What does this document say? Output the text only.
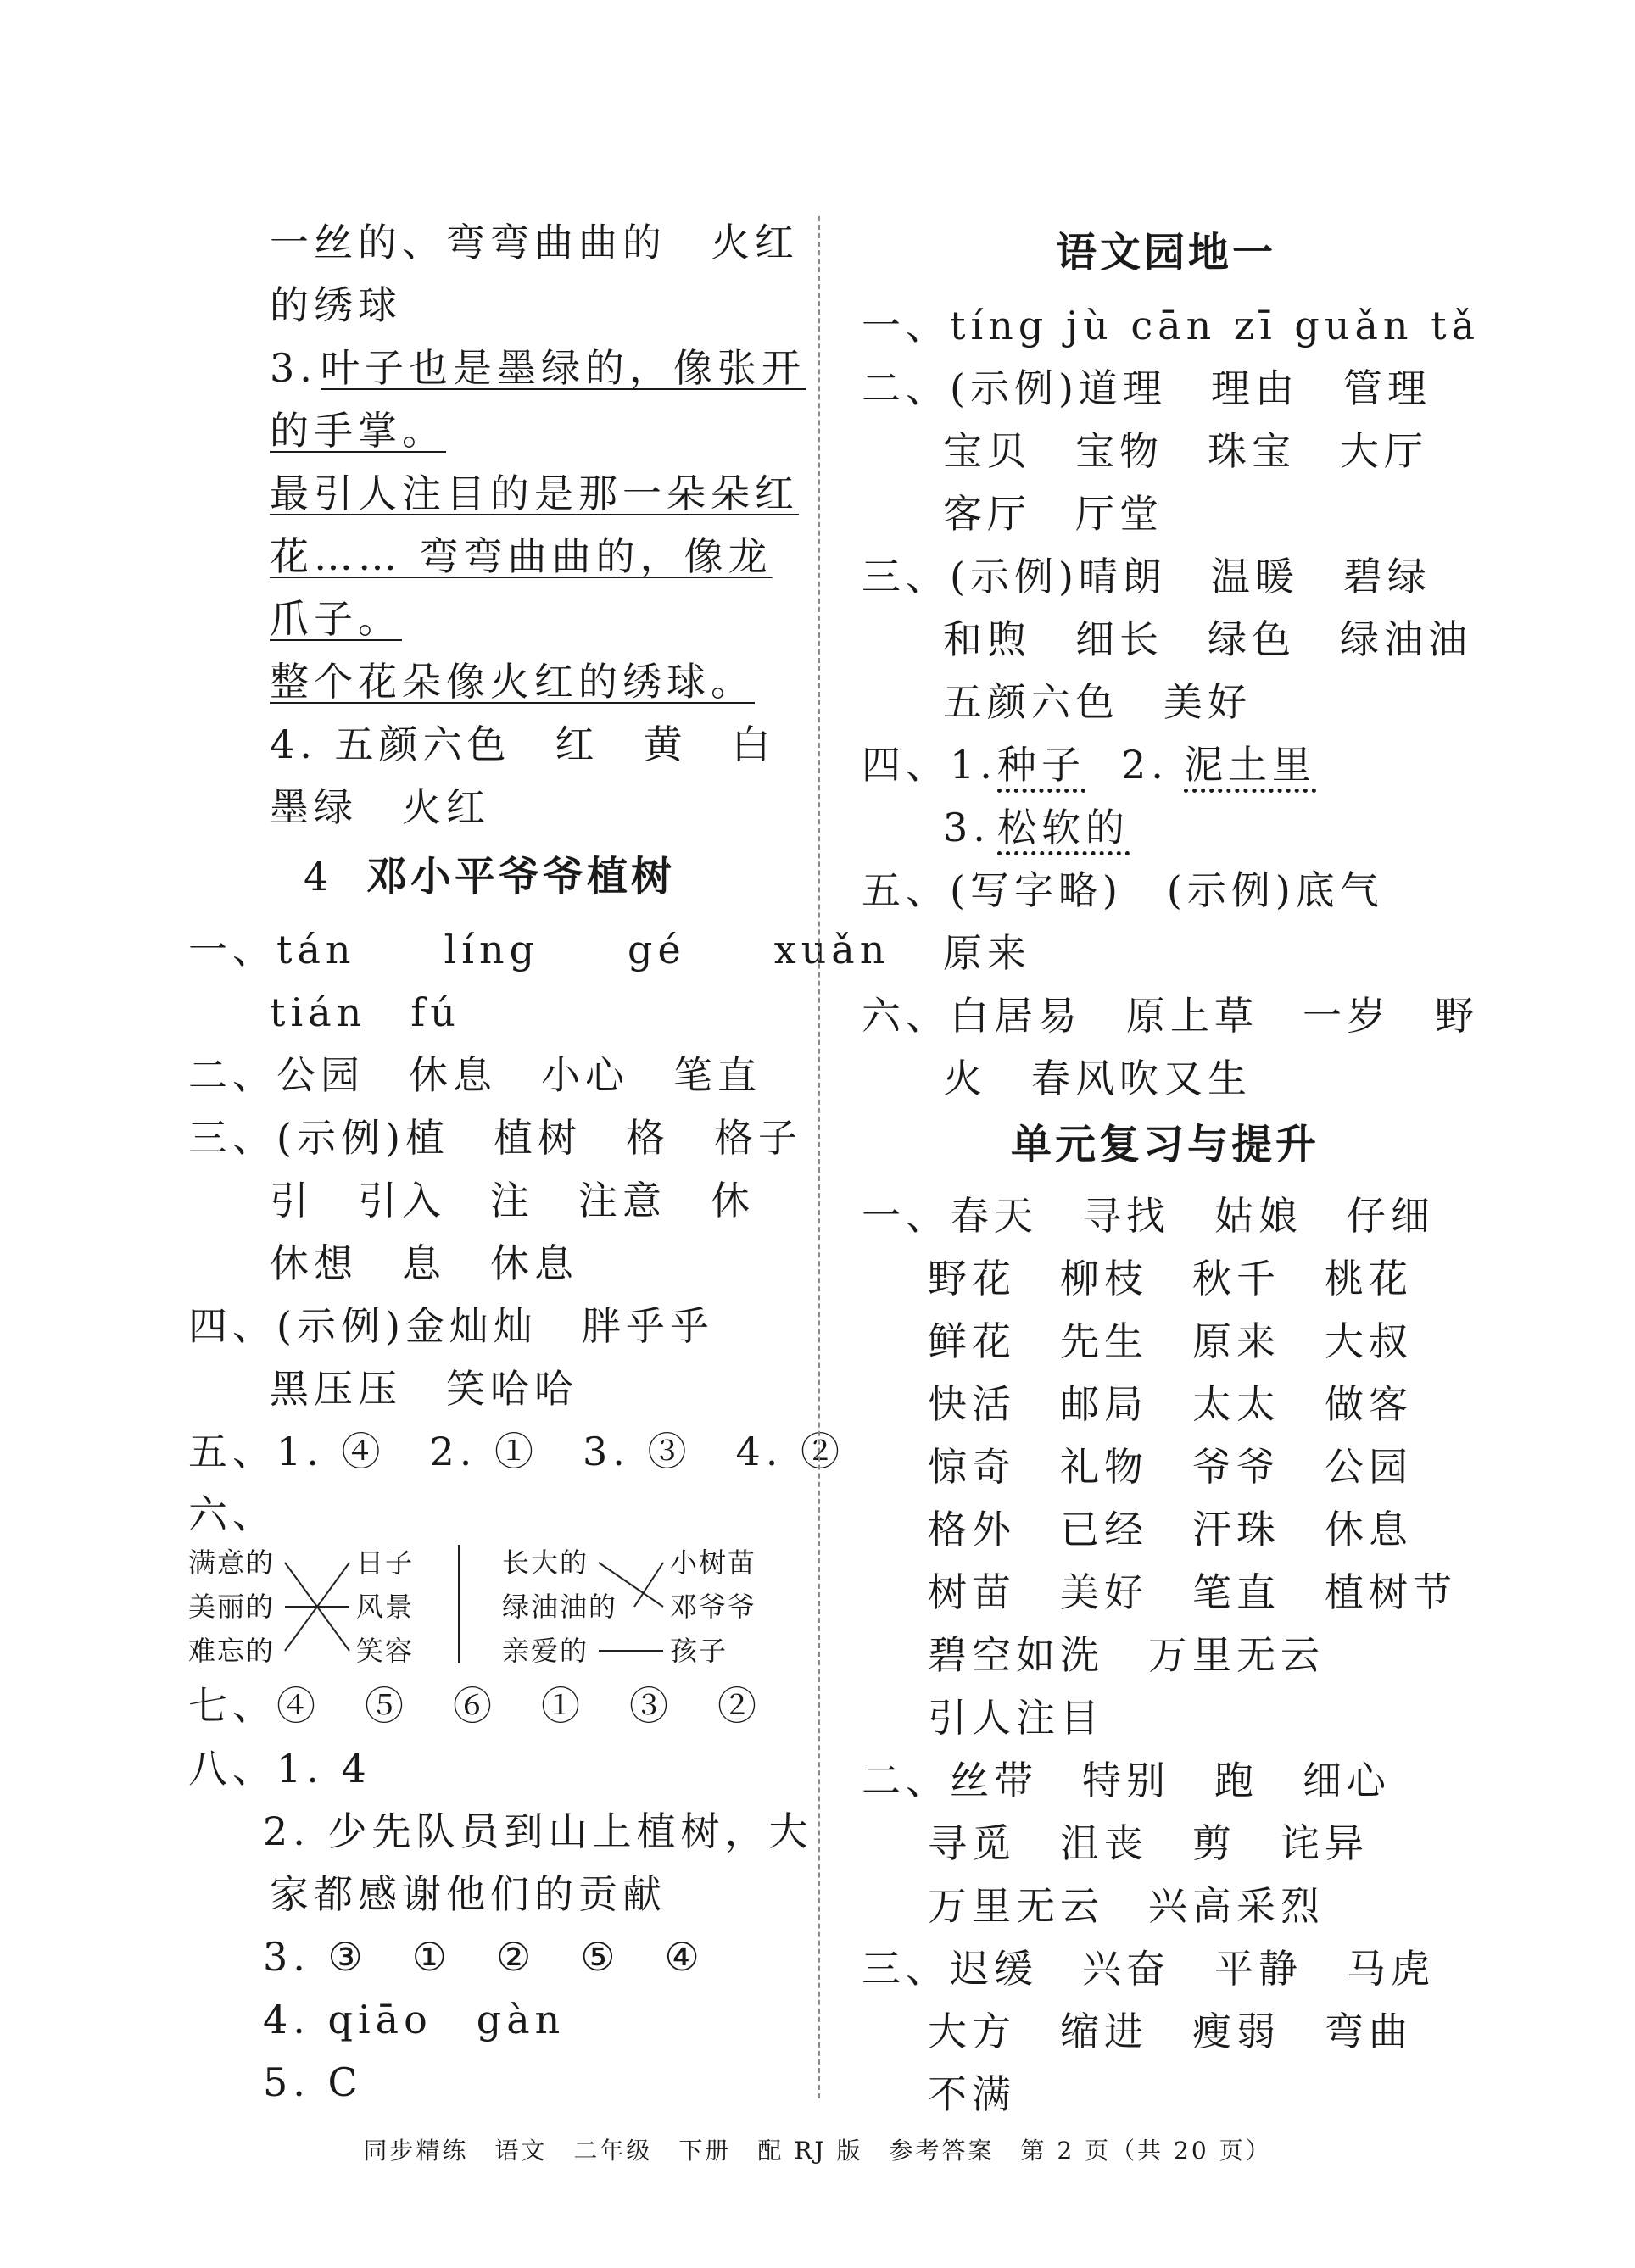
一丝的、弯弯曲曲的　火红
的绣球
3. 叶子也是墨绿的，像张开
的手掌。
最引人注目的是那一朵朵红
花…… 弯弯曲曲的，像龙
爪子。
整个花朵像火红的绣球。
4. 五颜六色　红　黄　白
墨绿　火红
4 邓小平爷爷植树
一、tán　　líng　　gé　　xuǎn
tián　fú
二、公园　休息　小心　笔直
三、(示例)植　植树　格　格子
引　引入　注　注意　休
休想　息　休息
四、(示例)金灿灿　胖乎乎
黑压压　笑哈哈
五、1. ④　2. ①　3. ③　4. ②
六、
满意的
美丽的
难忘的
日子
风景
笑容
长大的
绿油油的
亲爱的
小树苗
邓爷爷
孩子
七、④　⑤　⑥　①　③　②
八、1. 4
2. 少先队员到山上植树，大
家都感谢他们的贡献
3. ③　①　②　⑤　④
4. qiāo　gàn
5. C
语文园地一
一、tíng jù cān zī guǎn tǎ
二、(示例)道理　理由　管理
宝贝　宝物　珠宝　大厅
客厅　厅堂
三、(示例)晴朗　温暖　碧绿
和煦　细长　绿色　绿油油
五颜六色　美好
四、1. 种子 2. 泥土里
3. 松软的
五、(写字略)　(示例)底气
原来
六、白居易　原上草　一岁　野
火　春风吹又生
单元复习与提升
一、春天　寻找　姑娘　仔细
野花　柳枝　秋千　桃花
鲜花　先生　原来　大叔
快活　邮局　太太　做客
惊奇　礼物　爷爷　公园
格外　已经　汗珠　休息
树苗　美好　笔直　植树节
碧空如洗　万里无云
引人注目
二、丝带　特别　跑　细心
寻觅　沮丧　剪　诧异
万里无云　兴高采烈
三、迟缓　兴奋　平静　马虎
大方　缩进　瘦弱　弯曲
不满
同步精练　语文　二年级　下册　配 RJ 版　参考答案　第 2 页（共 20 页）
